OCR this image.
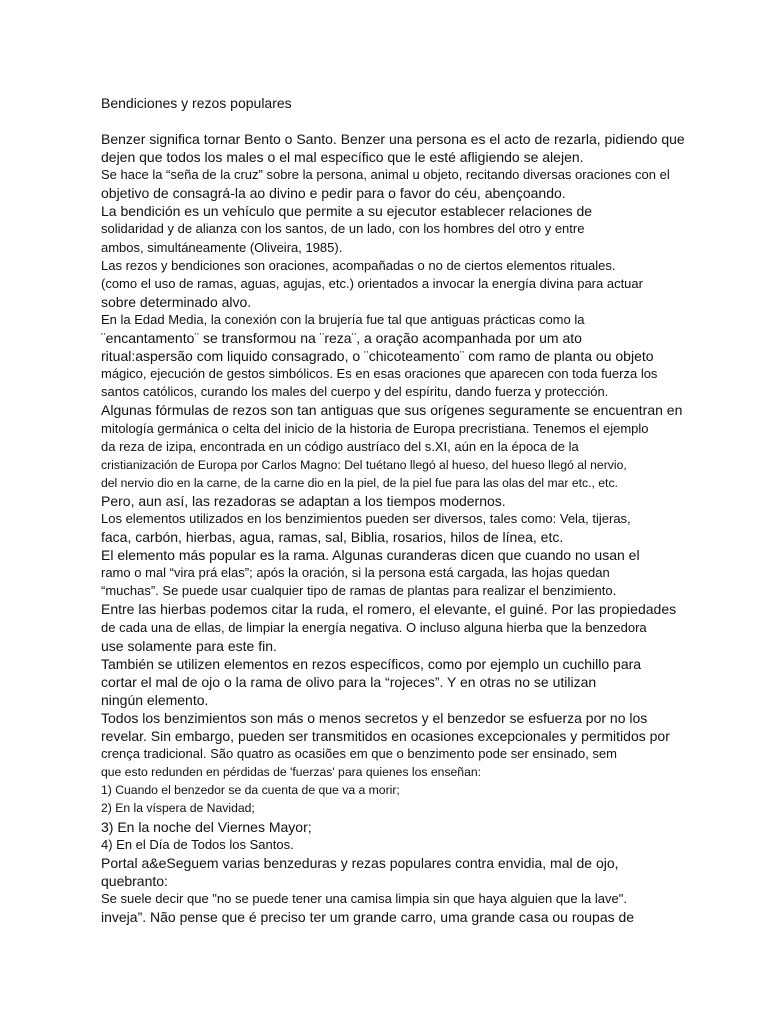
Bendiciones y rezos populares
Benzer significa tornar Bento o Santo. Benzer una persona es el acto de rezarla, pidiendo que
dejen que todos los males o el mal específico que le esté afligiendo se alejen.
Se hace la “seña de la cruz” sobre la persona, animal u objeto, recitando diversas oraciones con el
objetivo de consagrá-la ao divino e pedir para o favor do céu, abençoando.
La bendición es un vehículo que permite a su ejecutor establecer relaciones de
solidaridad y de alianza con los santos, de un lado, con los hombres del otro y entre
ambos, simultáneamente (Oliveira, 1985).
Las rezos y bendiciones son oraciones, acompañadas o no de ciertos elementos rituales.
(como el uso de ramas, aguas, agujas, etc.) orientados a invocar la energía divina para actuar
sobre determinado alvo.
En la Edad Media, la conexión con la brujería fue tal que antiguas prácticas como la
¨encantamento¨ se transformou na ¨reza¨, a oração acompanhada por um ato
ritual:aspersão com liquido consagrado, o ¨chicoteamento¨ com ramo de planta ou objeto
mágico, ejecución de gestos simbólicos. Es en esas oraciones que aparecen con toda fuerza los
santos católicos, curando los males del cuerpo y del espíritu, dando fuerza y protección.
Algunas fórmulas de rezos son tan antiguas que sus orígenes seguramente se encuentran en
mitología germánica o celta del inicio de la historia de Europa precristiana. Tenemos el ejemplo
da reza de izipa, encontrada en un código austríaco del s.XI, aún en la época de la
cristianización de Europa por Carlos Magno: Del tuétano llegó al hueso, del hueso llegó al nervio,
del nervio dio en la carne, de la carne dio en la piel, de la piel fue para las olas del mar etc., etc.
Pero, aun así, las rezadoras se adaptan a los tiempos modernos.
Los elementos utilizados en los benzimientos pueden ser diversos, tales como: Vela, tijeras,
faca, carbón, hierbas, agua, ramas, sal, Biblia, rosarios, hilos de línea, etc.
El elemento más popular es la rama. Algunas curanderas dicen que cuando no usan el
ramo o mal “vira prá elas”; após la oración, si la persona está cargada, las hojas quedan
“muchas”. Se puede usar cualquier tipo de ramas de plantas para realizar el benzimiento.
Entre las hierbas podemos citar la ruda, el romero, el elevante, el guiné. Por las propiedades
de cada una de ellas, de limpiar la energía negativa. O incluso alguna hierba que la benzedora
use solamente para este fin.
También se utilizen elementos en rezos específicos, como por ejemplo un cuchillo para
cortar el mal de ojo o la rama de olivo para la “rojeces”. Y en otras no se utilizan
ningún elemento.
Todos los benzimientos son más o menos secretos y el benzedor se esfuerza por no los
revelar. Sin embargo, pueden ser transmitidos en ocasiones excepcionales y permitidos por
crença tradicional. São quatro as ocasiões em que o benzimento pode ser ensinado, sem
que esto redunden en pérdidas de 'fuerzas' para quienes los enseñan:
1) Cuando el benzedor se da cuenta de que va a morir;
2) En la víspera de Navidad;
3) En la noche del Viernes Mayor;
4) En el Día de Todos los Santos.
Portal a&eSeguem varias benzeduras y rezas populares contra envidia, mal de ojo,
quebranto:
Se suele decir que "no se puede tener una camisa limpia sin que haya alguien que la lave".
inveja”. Não pense que é preciso ter um grande carro, uma grande casa ou roupas de
